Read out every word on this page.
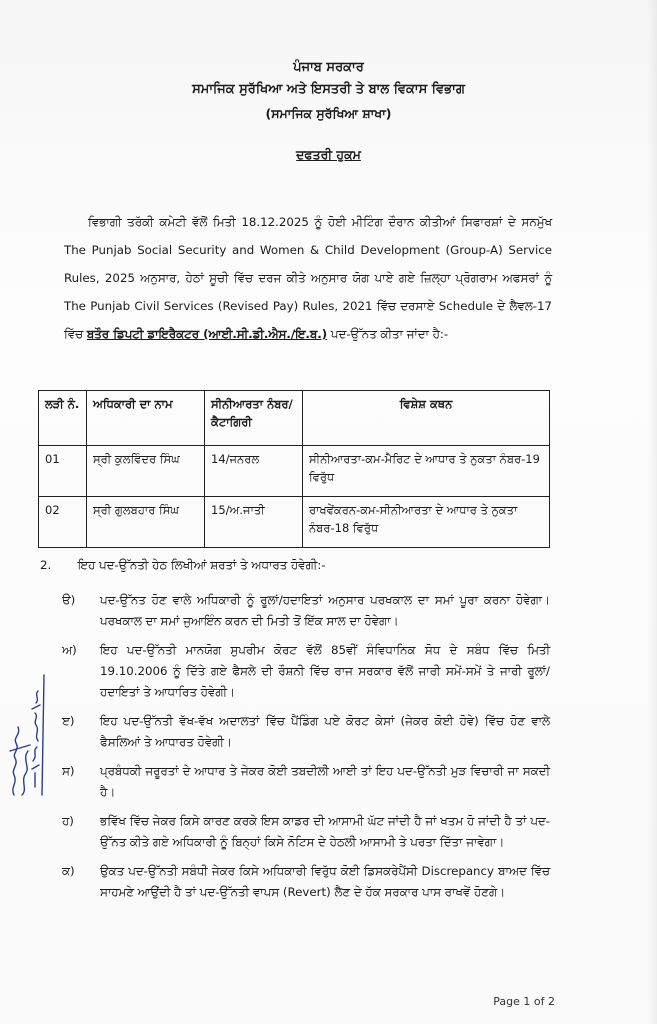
ਪੰਜਾਬ ਸਰਕਾਰ
ਸਮਾਜਿਕ ਸੁਰੱਖਿਆ ਅਤੇ ਇਸਤਰੀ ਤੇ ਬਾਲ ਵਿਕਾਸ ਵਿਭਾਗ
(ਸਮਾਜਿਕ ਸੁਰੱਖਿਆ ਸ਼ਾਖਾ)
ਦਫਤਰੀ ਹੁਕਮ

ਵਿਭਾਗੀ ਤਰੱਕੀ ਕਮੇਟੀ ਵੱਲੋਂ ਮਿਤੀ 18.12.2025 ਨੂੰ ਹੋਈ ਮੀਟਿੰਗ ਦੌਰਾਨ ਕੀਤੀਆਂ ਸਿਫਾਰਸ਼ਾਂ ਦੇ ਸਨਮੁੱਖ The Punjab Social Security and Women & Child Development (Group-A) Service Rules, 2025 ਅਨੁਸਾਰ, ਹੇਠਾਂ ਸੂਚੀ ਵਿੱਚ ਦਰਜ ਕੀਤੇ ਅਨੁਸਾਰ ਯੋਗ ਪਾਏ ਗਏ ਜ਼ਿਲ੍ਹਾ ਪ੍ਰੋਗਰਾਮ ਅਫਸਰਾਂ ਨੂੰ The Punjab Civil Services (Revised Pay) Rules, 2021 ਵਿੱਚ ਦਰਸਾਏ Schedule ਦੇ ਲੈਵਲ-17 ਵਿੱਚ ਬਤੌਰ ਡਿਪਟੀ ਡਾਇਰੈਕਟਰ (ਆਈ.ਸੀ.ਡੀ.ਐਸ./ਇ.ਬ.) ਪਦ-ਉੱਨਤ ਕੀਤਾ ਜਾਂਦਾ ਹੈ:-

ਲੜੀ ਨੰ.	ਅਧਿਕਾਰੀ ਦਾ ਨਾਮ	ਸੀਨੀਆਰਤਾ ਨੰਬਰ/ਕੈਟਾਗਿਰੀ	ਵਿਸ਼ੇਸ਼ ਕਥਨ
01	ਸ੍ਰੀ ਕੁਲਵਿੰਦਰ ਸਿੰਘ	14/ਜਨਰਲ	ਸੀਨੀਆਰਤਾ-ਕਮ-ਮੈਰਿਟ ਦੇ ਆਧਾਰ ਤੇ ਨੁਕਤਾ ਨੰਬਰ-19 ਵਿਰੁੱਧ
02	ਸ੍ਰੀ ਗੁਲਬਹਾਰ ਸਿੰਘ	15/ਅ.ਜਾਤੀ	ਰਾਖਵੇਂਕਰਨ-ਕਮ-ਸੀਨੀਆਰਤਾ ਦੇ ਆਧਾਰ ਤੇ ਨੁਕਤਾ ਨੰਬਰ-18 ਵਿਰੁੱਧ
2. ਇਹ ਪਦ-ਉੱਨਤੀ ਹੇਠ ਲਿਖੀਆਂ ਸ਼ਰਤਾਂ ਤੇ ਅਧਾਰਤ ਹੋਵੇਗੀ:-
ੳ)	ਪਦ-ਉੱਨਤ ਹੋਣ ਵਾਲੇ ਅਧਿਕਾਰੀ ਨੂੰ ਰੂਲਾਂ/ਹਦਾਇਤਾਂ ਅਨੁਸਾਰ ਪਰਖਕਾਲ ਦਾ ਸਮਾਂ ਪੂਰਾ ਕਰਨਾ ਹੋਵੇਗਾ। ਪਰਖਕਾਲ ਦਾ ਸਮਾਂ ਜੁਆਇੰਨ ਕਰਨ ਦੀ ਮਿਤੀ ਤੋਂ ਇੱਕ ਸਾਲ ਦਾ ਹੋਵੇਗਾ।
ਅ)	ਇਹ ਪਦ-ਉੱਨਤੀ ਮਾਨਯੋਗ ਸੁਪਰੀਮ ਕੋਰਟ ਵੱਲੋਂ 85ਵੀਂ ਸੰਵਿਧਾਨਿਕ ਸੋਧ ਦੇ ਸਬੰਧ ਵਿੱਚ ਮਿਤੀ 19.10.2006 ਨੂੰ ਦਿੱਤੇ ਗਏ ਫੈਸਲੇ ਦੀ ਰੌਸ਼ਨੀ ਵਿੱਚ ਰਾਜ ਸਰਕਾਰ ਵੱਲੋਂ ਜਾਰੀ ਸਮੇਂ-ਸਮੇਂ ਤੇ ਜਾਰੀ ਰੂਲਾਂ/ਹਦਾਇਤਾਂ ਤੇ ਆਧਾਰਿਤ ਹੋਵੇਗੀ।
ੲ)	ਇਹ ਪਦ-ਉੱਨਤੀ ਵੱਖ-ਵੱਖ ਅਦਾਲਤਾਂ ਵਿੱਚ ਪੈਂਡਿੰਗ ਪਏ ਕੋਰਟ ਕੇਸਾਂ (ਜੇਕਰ ਕੋਈ ਹੋਵੇ) ਵਿੱਚ ਹੋਣ ਵਾਲੇ ਫੈਸਲਿਆਂ ਤੇ ਆਧਾਰਤ ਹੋਵੇਗੀ।
ਸ)	ਪ੍ਰਬੰਧਕੀ ਜਰੂਰਤਾਂ ਦੇ ਆਧਾਰ ਤੇ ਜੇਕਰ ਕੋਈ ਤਬਦੀਲੀ ਆਈ ਤਾਂ ਇਹ ਪਦ-ਉੱਨਤੀ ਮੁੜ ਵਿਚਾਰੀ ਜਾ ਸਕਦੀ ਹੈ।
ਹ)	ਭਵਿੱਖ ਵਿੱਚ ਜੇਕਰ ਕਿਸੇ ਕਾਰਣ ਕਰਕੇ ਇਸ ਕਾਡਰ ਦੀ ਆਸਾਮੀ ਘੱਟ ਜਾਂਦੀ ਹੈ ਜਾਂ ਖਤਮ ਹੋ ਜਾਂਦੀ ਹੈ ਤਾਂ ਪਦ-ਉੱਨਤ ਕੀਤੇ ਗਏ ਅਧਿਕਾਰੀ ਨੂੰ ਬਿਨ੍ਹਾਂ ਕਿਸੇ ਨੋਟਿਸ ਦੇ ਹੇਠਲੀ ਆਸਾਮੀ ਤੇ ਪਰਤਾ ਦਿੱਤਾ ਜਾਵੇਗਾ।
ਕ)	ਉਕਤ ਪਦ-ਉੱਨਤੀ ਸਬੰਧੀ ਜੇਕਰ ਕਿਸੇ ਅਧਿਕਾਰੀ ਵਿਰੁੱਧ ਕੋਈ ਡਿਸਕਰੇਪੈਂਸੀ Discrepancy ਬਾਅਦ ਵਿੱਚ ਸਾਹਮਣੇ ਆਉਂਦੀ ਹੈ ਤਾਂ ਪਦ-ਉੱਨਤੀ ਵਾਪਸ (Revert) ਲੈਣ ਦੇ ਹੱਕ ਸਰਕਾਰ ਪਾਸ ਰਾਖਵੇਂ ਹੋਣਗੇ।
Page 1 of 2
